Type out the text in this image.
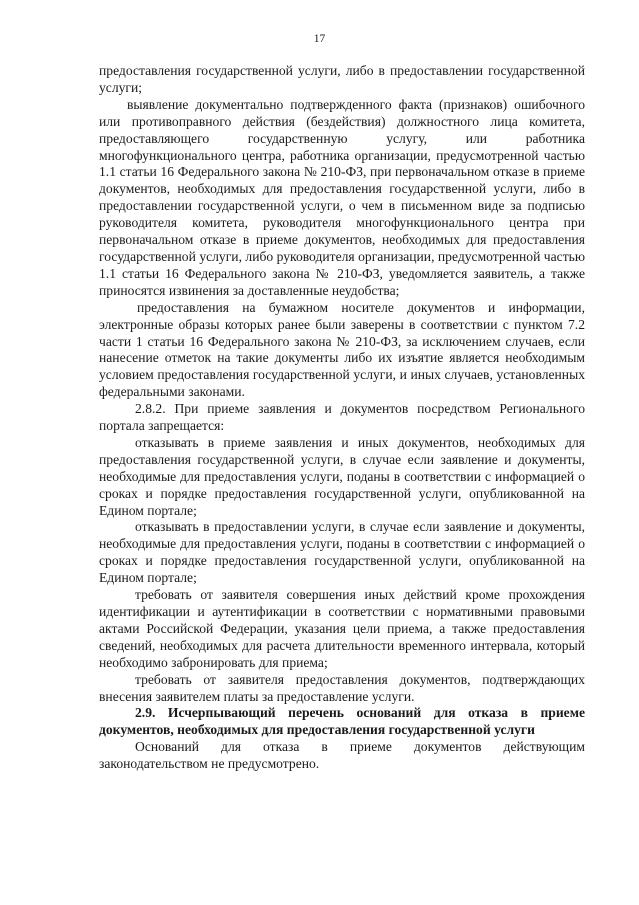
17

предоставления государственной услуги, либо в предоставлении государственной услуги;

выявление документально подтвержденного факта (признаков) ошибочного или противоправного действия (бездействия) должностного лица комитета, предоставляющего государственную услугу, или работника многофункционального центра, работника организации, предусмотренной частью 1.1 статьи 16 Федерального закона № 210-ФЗ, при первоначальном отказе в приеме документов, необходимых для предоставления государственной услуги, либо в предоставлении государственной услуги, о чем в письменном виде за подписью руководителя комитета, руководителя многофункционального центра при первоначальном отказе в приеме документов, необходимых для предоставления государственной услуги, либо руководителя организации, предусмотренной частью 1.1 статьи 16 Федерального закона № 210-ФЗ, уведомляется заявитель, а также приносятся извинения за доставленные неудобства;

предоставления на бумажном носителе документов и информации, электронные образы которых ранее были заверены в соответствии с пунктом 7.2 части 1 статьи 16 Федерального закона № 210-ФЗ, за исключением случаев, если нанесение отметок на такие документы либо их изъятие является необходимым условием предоставления государственной услуги, и иных случаев, установленных федеральными законами.

2.8.2. При приеме заявления и документов посредством Регионального портала запрещается:

отказывать в приеме заявления и иных документов, необходимых для предоставления государственной услуги, в случае если заявление и документы, необходимые для предоставления услуги, поданы в соответствии с информацией о сроках и порядке предоставления государственной услуги, опубликованной на Едином портале;

отказывать в предоставлении услуги, в случае если заявление и документы, необходимые для предоставления услуги, поданы в соответствии с информацией о сроках и порядке предоставления государственной услуги, опубликованной на Едином портале;

требовать от заявителя совершения иных действий кроме прохождения идентификации и аутентификации в соответствии с нормативными правовыми актами Российской Федерации, указания цели приема, а также предоставления сведений, необходимых для расчета длительности временного интервала, который необходимо забронировать для приема;

требовать от заявителя предоставления документов, подтверждающих внесения заявителем платы за предоставление услуги.

2.9. Исчерпывающий перечень оснований для отказа в приеме документов, необходимых для предоставления государственной услуги

Оснований для отказа в приеме документов действующим законодательством не предусмотрено.
